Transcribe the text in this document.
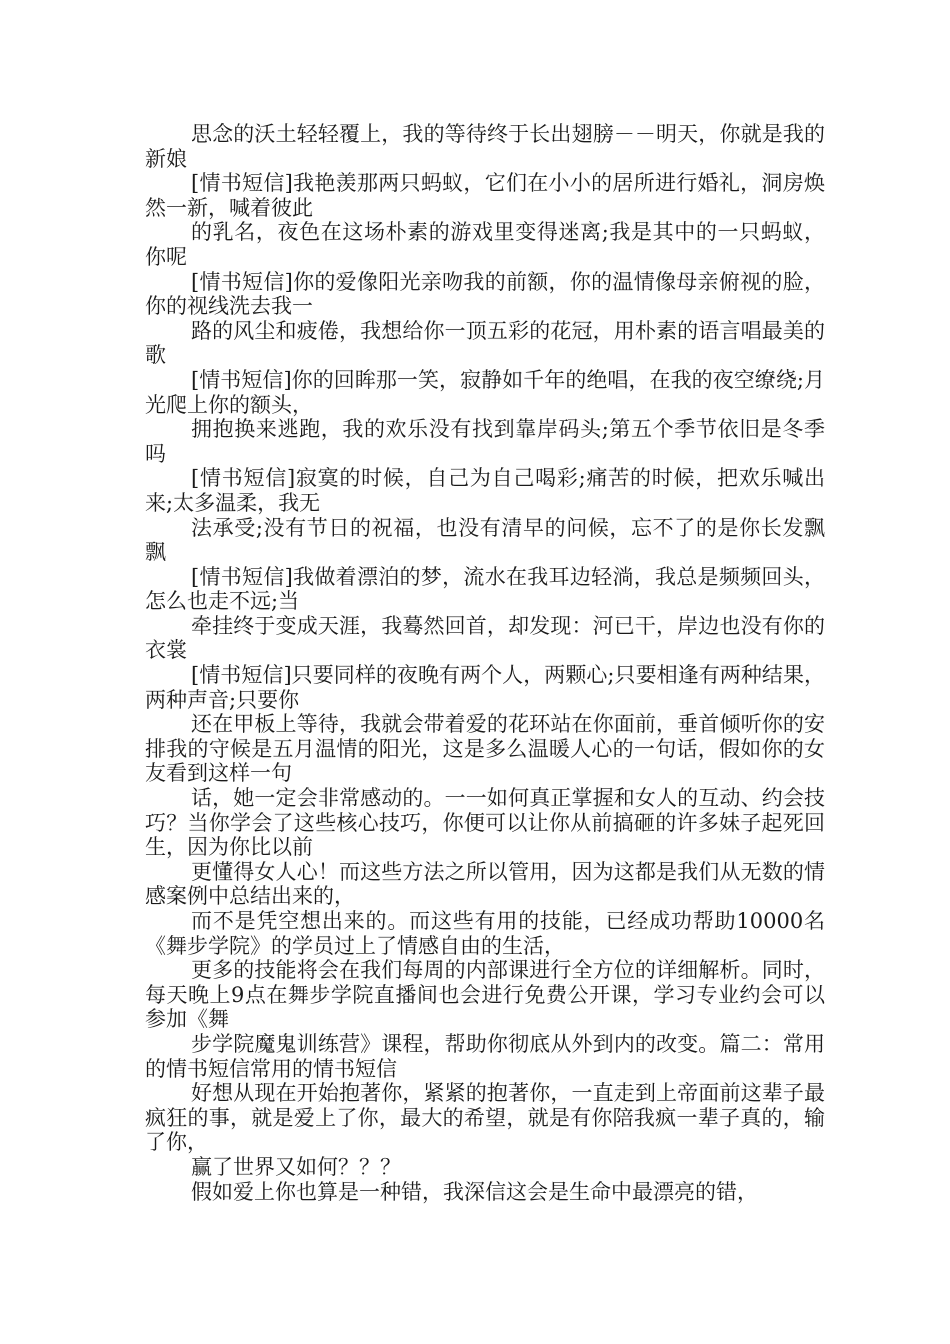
思念的沃土轻轻覆上，我的等待终于长出翅膀－－明天，你就是我的新娘

[情书短信]我艳羡那两只蚂蚁，它们在小小的居所进行婚礼，洞房焕然一新，喊着彼此

的乳名，夜色在这场朴素的游戏里变得迷离;我是其中的一只蚂蚁，你呢

[情书短信]你的爱像阳光亲吻我的前额，你的温情像母亲俯视的脸，你的视线洗去我一

路的风尘和疲倦，我想给你一顶五彩的花冠，用朴素的语言唱最美的歌

[情书短信]你的回眸那一笑，寂静如千年的绝唱，在我的夜空缭绕;月光爬上你的额头，

拥抱换来逃跑，我的欢乐没有找到靠岸码头;第五个季节依旧是冬季吗

[情书短信]寂寞的时候，自己为自己喝彩;痛苦的时候，把欢乐喊出来;太多温柔，我无

法承受;没有节日的祝福，也没有清早的问候，忘不了的是你长发飘飘

[情书短信]我做着漂泊的梦，流水在我耳边轻淌，我总是频频回头，怎么也走不远;当

牵挂终于变成天涯，我蓦然回首，却发现：河已干，岸边也没有你的衣裳

[情书短信]只要同样的夜晚有两个人，两颗心;只要相逢有两种结果，两种声音;只要你

还在甲板上等待，我就会带着爱的花环站在你面前，垂首倾听你的安排我的守候是五月温情的阳光，这是多么温暖人心的一句话，假如你的女友看到这样一句

话，她一定会非常感动的。一一如何真正掌握和女人的互动、约会技巧？当你学会了这些核心技巧，你便可以让你从前搞砸的许多妹子起死回生，因为你比以前

更懂得女人心！而这些方法之所以管用，因为这都是我们从无数的情感案例中总结出来的，

而不是凭空想出来的。而这些有用的技能，已经成功帮助10000名《舞步学院》的学员过上了情感自由的生活，

更多的技能将会在我们每周的内部课进行全方位的详细解析。同时，每天晚上9点在舞步学院直播间也会进行免费公开课，学习专业约会可以参加《舞

步学院魔鬼训练营》课程，帮助你彻底从外到内的改变。篇二：常用的情书短信常用的情书短信

好想从现在开始抱著你，紧紧的抱著你，一直走到上帝面前这辈子最疯狂的事，就是爱上了你，最大的希望，就是有你陪我疯一辈子真的，输了你，

赢了世界又如何？？？

假如爱上你也算是一种错，我深信这会是生命中最漂亮的错，
